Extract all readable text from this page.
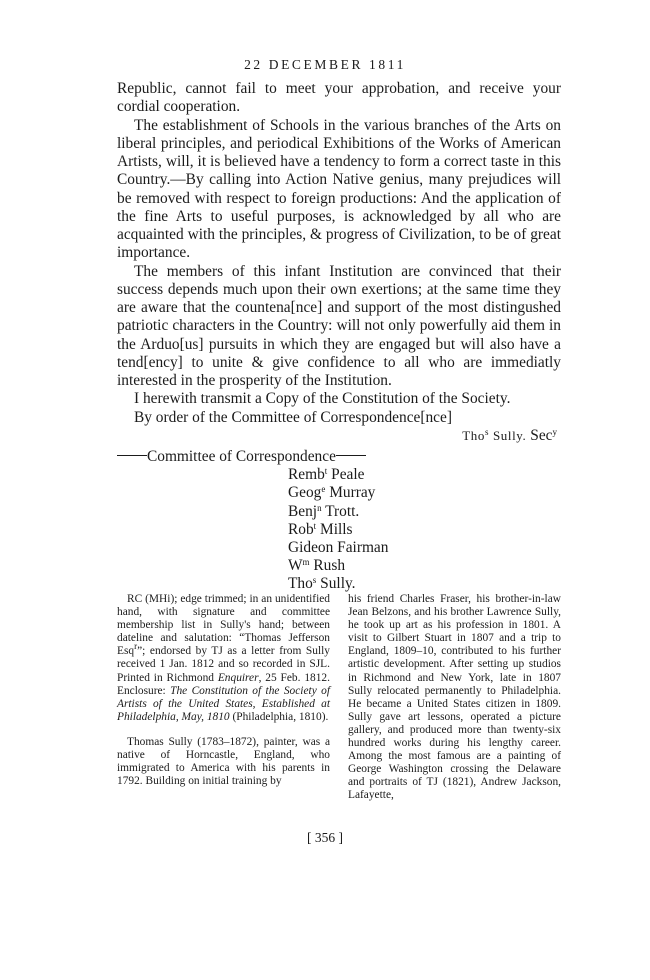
22 DECEMBER 1811

Republic, cannot fail to meet your approbation, and receive your cordial cooperation.

The establishment of Schools in the various branches of the Arts on liberal principles, and periodical Exhibitions of the Works of American Artists, will, it is believed have a tendency to form a correct taste in this Country.—By calling into Action Native genius, many prejudices will be removed with respect to foreign productions: And the application of the fine Arts to useful purposes, is acknowledged by all who are acquainted with the principles, & progress of Civilization, to be of great importance.

The members of this infant Institution are convinced that their success depends much upon their own exertions; at the same time they are aware that the countena[nce] and support of the most distingushed patriotic characters in the Country: will not only powerfully aid them in the Arduo[us] pursuits in which they are engaged but will also have a tend[ency] to unite & give confidence to all who are immediatly interested in the prosperity of the Institution.

I herewith transmit a Copy of the Constitution of the Society.

By order of the Committee of Correspondence[nce]

Tho$^s$ Sully. Sec$^y$

Committee of Correspondence

Remb$^t$ Peale
Geog$^e$ Murray
Benj$^n$ Trott.
Rob$^t$ Mills
Gideon Fairman
$W^m$ Rush
Tho$^s$ Sully.

RC (MHi); edge trimmed; in an unidentified hand, with signature and committee membership list in Sully's hand; between dateline and salutation: “Thomas Jefferson Esq$^r$”; endorsed by TJ as a letter from Sully received 1 Jan. 1812 and so recorded in SJL. Printed in Richmond Enquirer, 25 Feb. 1812. Enclosure: The Constitution of the Society of Artists of the United States, Established at Philadelphia, May, 1810 (Philadelphia, 1810).

Thomas Sully (1783–1872), painter, was a native of Horncastle, England, who immigrated to America with his parents in 1792. Building on initial training by

his friend Charles Fraser, his brother-in-law Jean Belzons, and his brother Lawrence Sully, he took up art as his profession in 1801. A visit to Gilbert Stuart in 1807 and a trip to England, 1809–10, contributed to his further artistic development. After setting up studios in Richmond and New York, late in 1807 Sully relocated permanently to Philadelphia. He became a United States citizen in 1809. Sully gave art lessons, operated a picture gallery, and produced more than twenty-six hundred works during his lengthy career. Among the most famous are a painting of George Washington crossing the Delaware and portraits of TJ (1821), Andrew Jackson, Lafayette,

[ 356 ]
